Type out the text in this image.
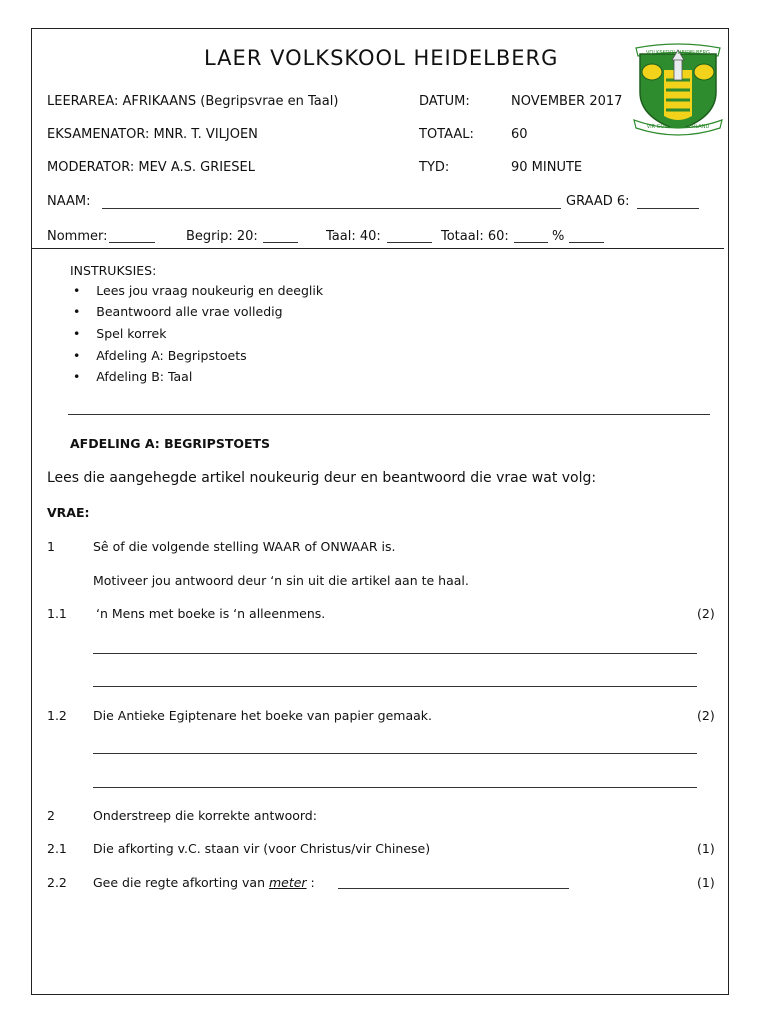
VOLKSKOOL HEIDELBERG
VIR GOD EN VADERLAND
LAER VOLKSKOOL HEIDELBERG
LEERAREA: AFRIKAANS (Begripsvrae en Taal)	DATUM:	NOVEMBER 2017
EKSAMENATOR: MNR. T. VILJOEN	TOTAAL:	60
MODERATOR: MEV A.S. GRIESEL	TYD:	90 MINUTE
NAAM:	GRAAD 6:
Nommer:	Begrip: 20:	Taal: 40:	Totaal: 60:	%
INSTRUKSIES:
•    Lees jou vraag noukeurig en deeglik
•    Beantwoord alle vrae volledig
•    Spel korrek
•    Afdeling A: Begripstoets
•    Afdeling B: Taal
AFDELING A: BEGRIPSTOETS
Lees die aangehegde artikel noukeurig deur en beantwoord die vrae wat volg:
VRAE:
1	Sê of die volgende stelling WAAR of ONWAAR is.
Motiveer jou antwoord deur ‘n sin uit die artikel aan te haal.
1.1 ‘n Mens met boeke is ‘n alleenmens.	(2)
1.2 Die Antieke Egiptenare het boeke van papier gemaak.	(2)
2	Onderstreep die korrekte antwoord:
2.1 Die afkorting v.C. staan vir (voor Christus/vir Chinese)	(1)
2.2 Gee die regte afkorting van meter :	(1)
